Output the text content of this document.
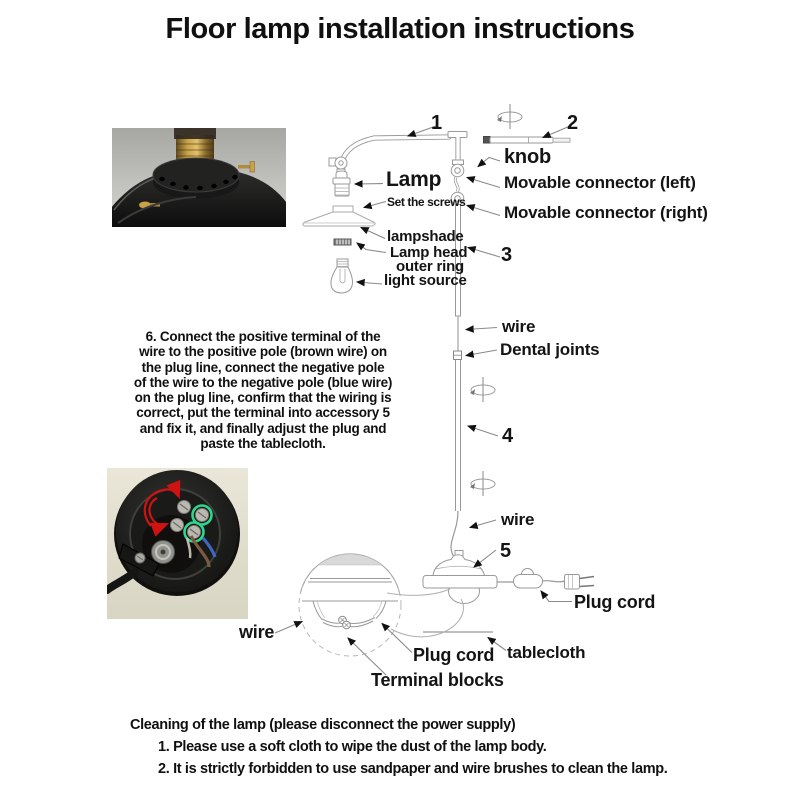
Floor lamp installation instructions
1	2
knob
Movable connector (left)
Movable connector (right)
3
Lamp
Set the screws
lampshade
Lamp head
outer ring
light source
wire
Dental joints
4
wire
5
Plug cord
tablecloth
Plug cord
Terminal blocks
wire
6. Connect the positive terminal of the
wire to the positive pole (brown wire) on
the plug line, connect the negative pole
of the wire to the negative pole (blue wire)
on the plug line, confirm that the wiring is
correct, put the terminal into accessory 5
and fix it, and finally adjust the plug and
paste the tablecloth.
Cleaning of the lamp (please disconnect the power supply)
1. Please use a soft cloth to wipe the dust of the lamp body.
2. It is strictly forbidden to use sandpaper and wire brushes to clean the lamp.
